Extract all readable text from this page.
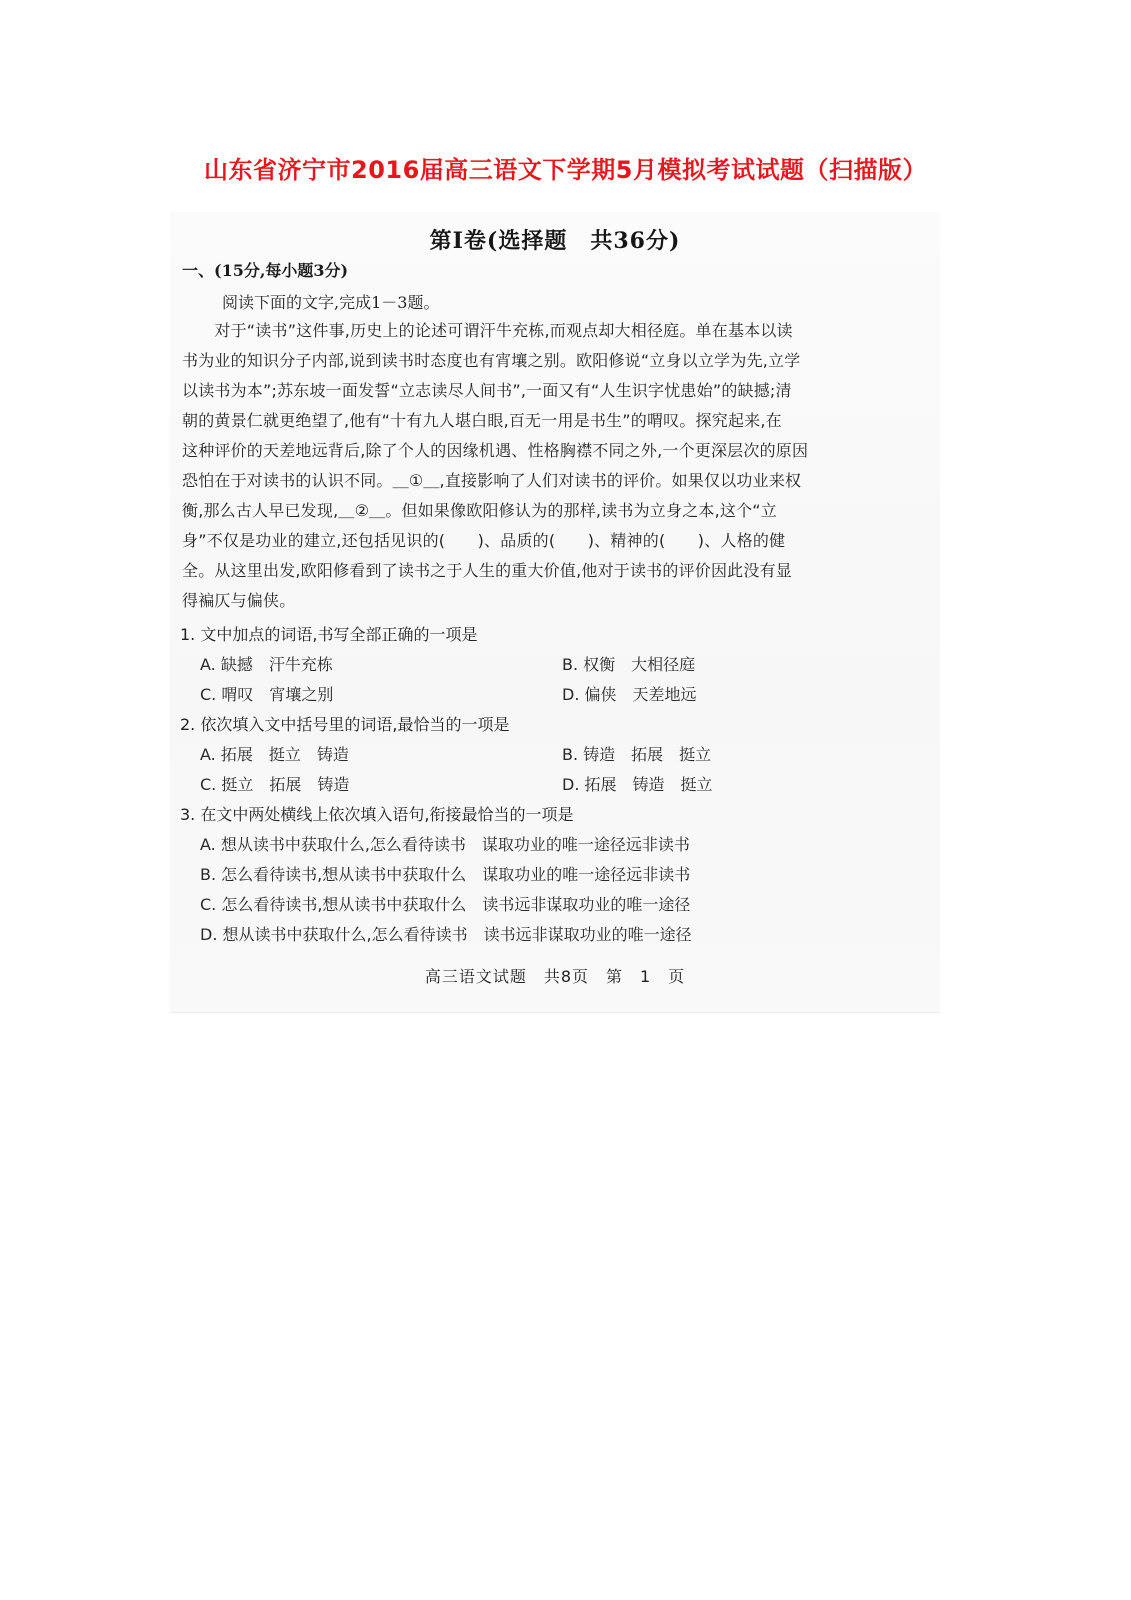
山东省济宁市2016届高三语文下学期5月模拟考试试题（扫描版）
第Ⅰ卷(选择题　共36分)
一、(15分,每小题3分)
阅读下面的文字,完成1－3题。
　　对于“读书”这件事,历史上的论述可谓汗牛充栋,而观点却大相径庭。单在基本以读
书为业的知识分子内部,说到读书时态度也有宵壤之别。欧阳修说“立身以立学为先,立学
以读书为本”;苏东坡一面发誓“立志读尽人间书”,一面又有“人生识字忧患始”的缺撼;清
朝的黄景仁就更绝望了,他有“十有九人堪白眼,百无一用是书生”的喟叹。探究起来,在
这种评价的天差地远背后,除了个人的因缘机遇、性格胸襟不同之外,一个更深层次的原因
恐怕在于对读书的认识不同。＿①＿,直接影响了人们对读书的评价。如果仅以功业来权
衡,那么古人早已发现,＿②＿。但如果像欧阳修认为的那样,读书为立身之本,这个“立
身”不仅是功业的建立,还包括见识的(　　)、品质的(　　)、精神的(　　)、人格的健
全。从这里出发,欧阳修看到了读书之于人生的重大价值,他对于读书的评价因此没有显
得褊仄与偏侠。
1. 文中加点的词语,书写全部正确的一项是
A. 缺撼　汗牛充栋	B. 权衡　大相径庭
C. 喟叹　宵壤之别	D. 偏侠　天差地远
2. 依次填入文中括号里的词语,最恰当的一项是
A. 拓展　挺立　铸造	B. 铸造　拓展　挺立
C. 挺立　拓展　铸造	D. 拓展　铸造　挺立
3. 在文中两处横线上依次填入语句,衔接最恰当的一项是
A. 想从读书中获取什么,怎么看待读书　谋取功业的唯一途径远非读书
B. 怎么看待读书,想从读书中获取什么　谋取功业的唯一途径远非读书
C. 怎么看待读书,想从读书中获取什么　读书远非谋取功业的唯一途径
D. 想从读书中获取什么,怎么看待读书　读书远非谋取功业的唯一途径
高三语文试题　共8页　第　1　页
